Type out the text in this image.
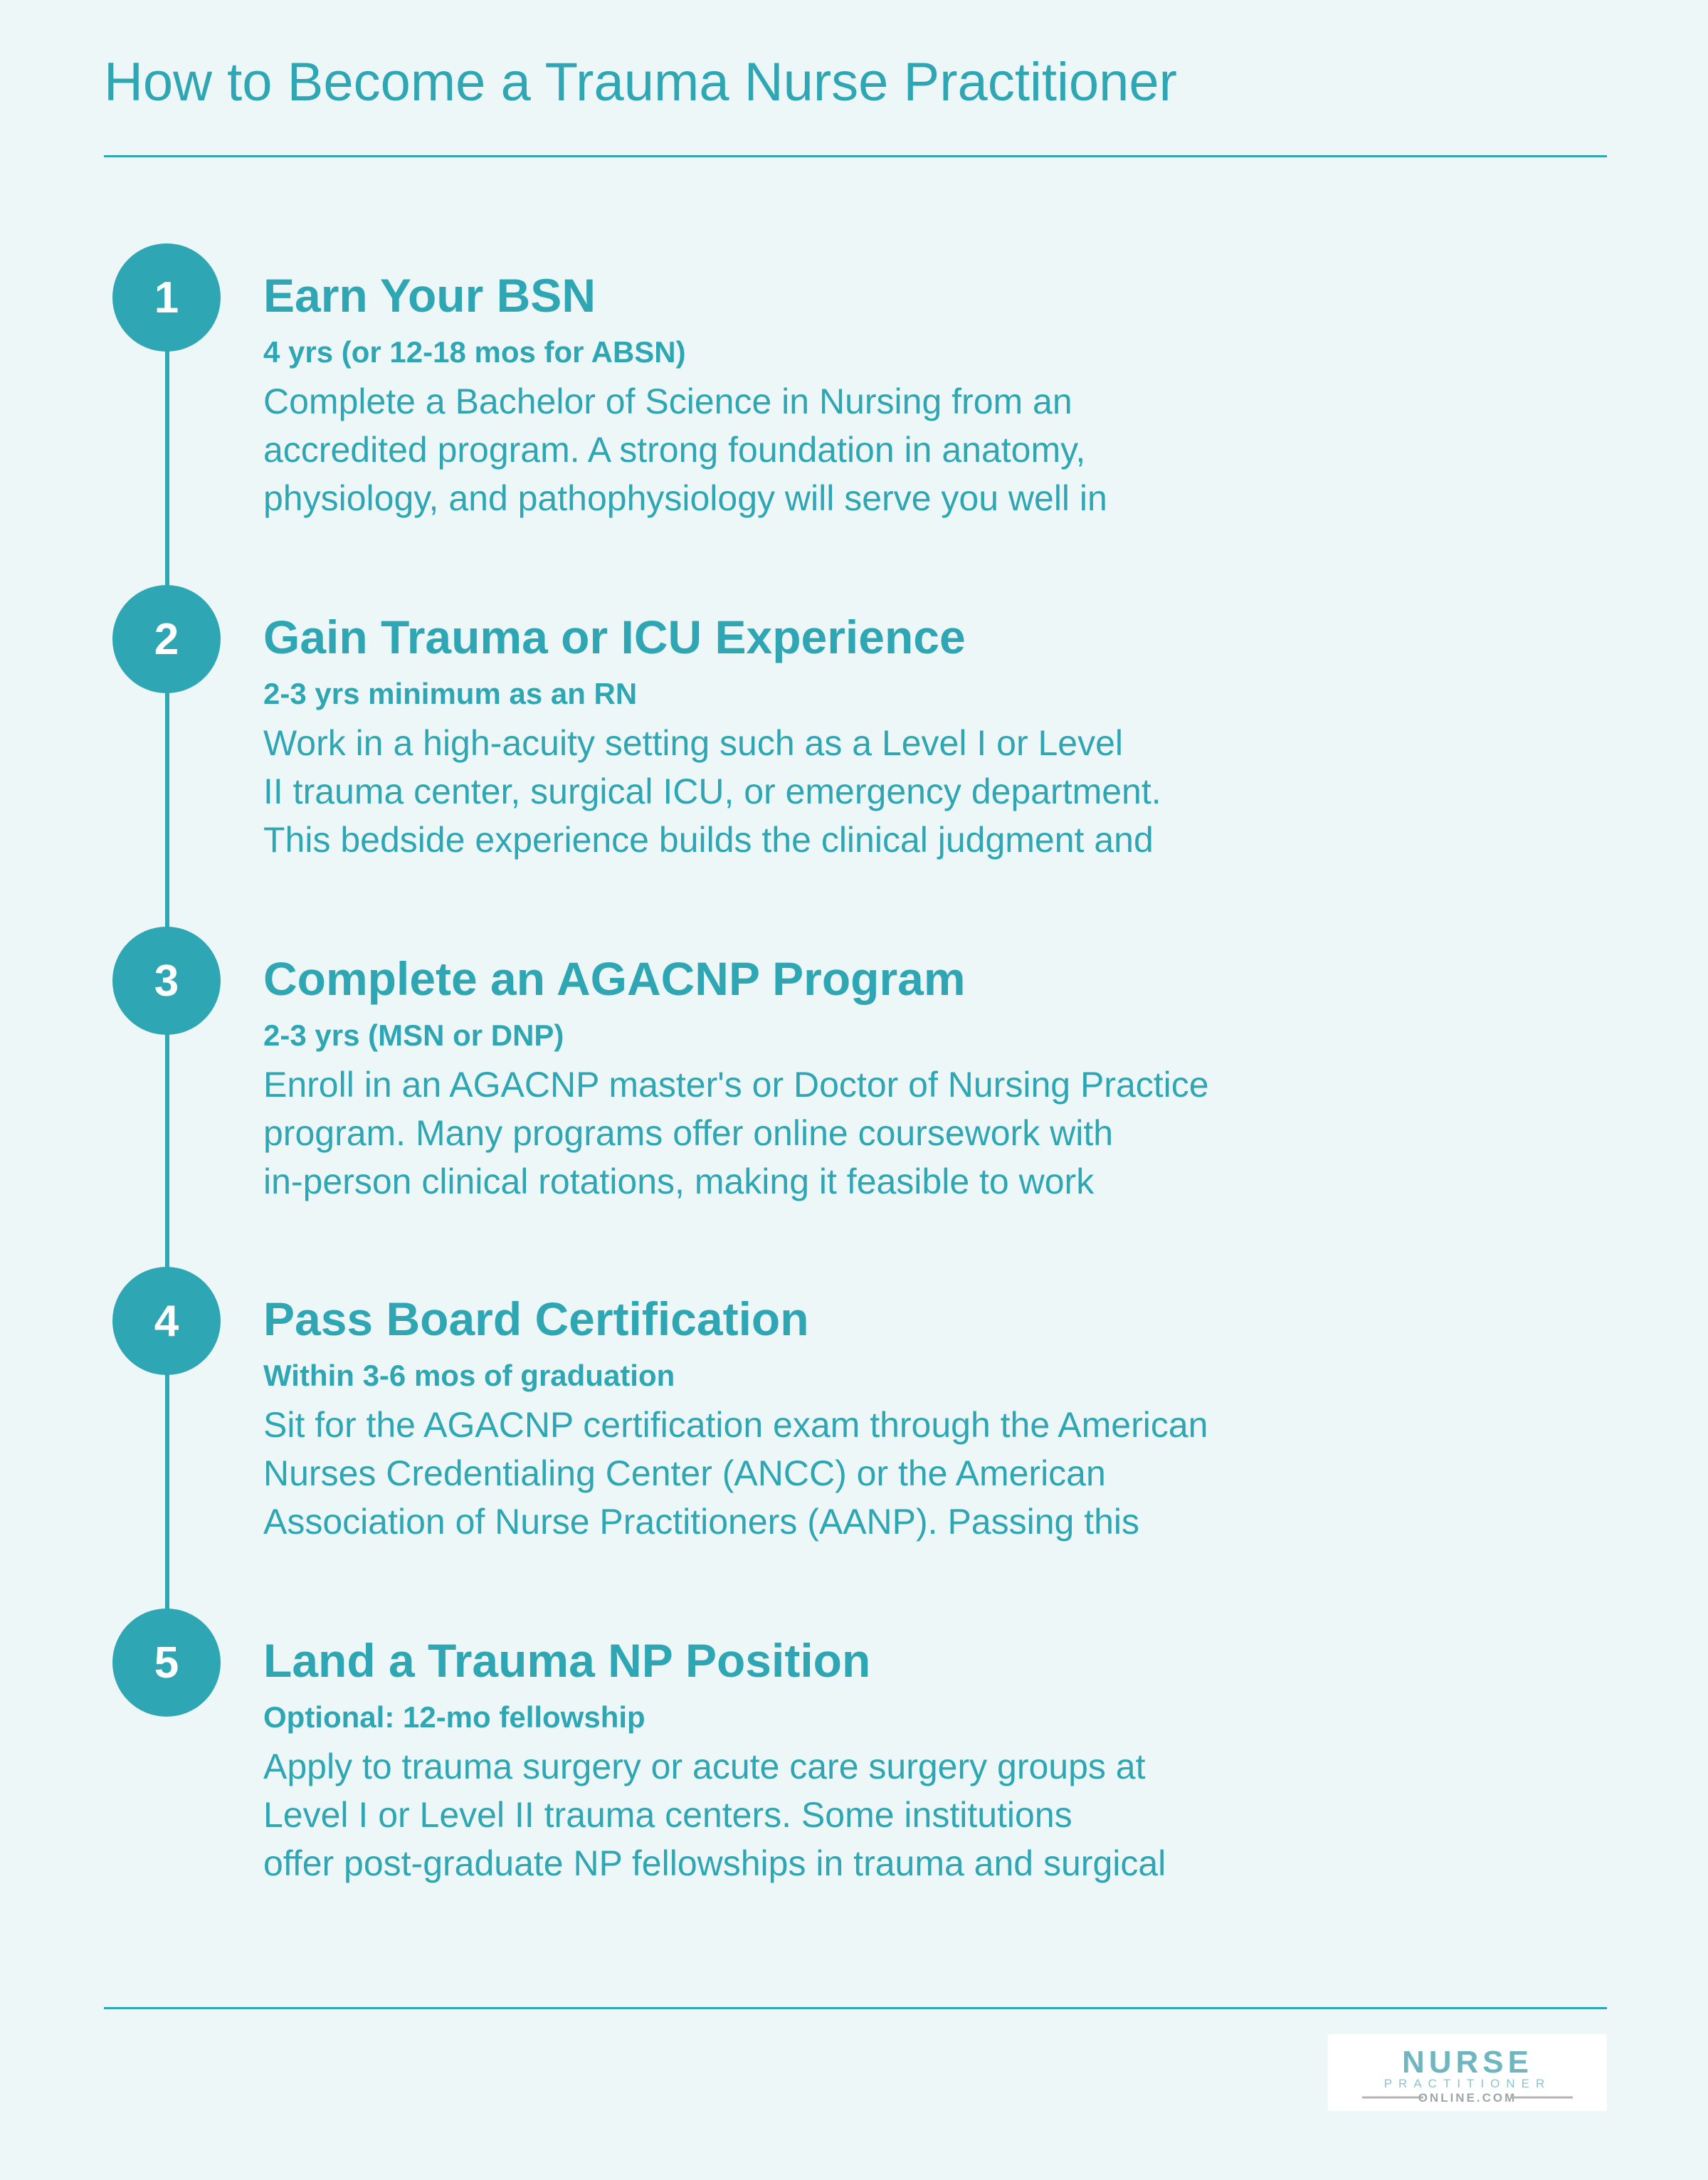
How to Become a Trauma Nurse Practitioner
1	Earn Your BSN
4 yrs (or 12-18 mos for ABSN)
Complete a Bachelor of Science in Nursing from an
accredited program. A strong foundation in anatomy,
physiology, and pathophysiology will serve you well in
2	Gain Trauma or ICU Experience
2-3 yrs minimum as an RN
Work in a high-acuity setting such as a Level I or Level
II trauma center, surgical ICU, or emergency department.
This bedside experience builds the clinical judgment and
3	Complete an AGACNP Program
2-3 yrs (MSN or DNP)
Enroll in an AGACNP master's or Doctor of Nursing Practice
program. Many programs offer online coursework with
in-person clinical rotations, making it feasible to work
4	Pass Board Certification
Within 3-6 mos of graduation
Sit for the AGACNP certification exam through the American
Nurses Credentialing Center (ANCC) or the American
Association of Nurse Practitioners (AANP). Passing this
5	Land a Trauma NP Position
Optional: 12-mo fellowship
Apply to trauma surgery or acute care surgery groups at
Level I or Level II trauma centers. Some institutions
offer post-graduate NP fellowships in trauma and surgical
NURSE
PRACTITIONER
ONLINE.COM
